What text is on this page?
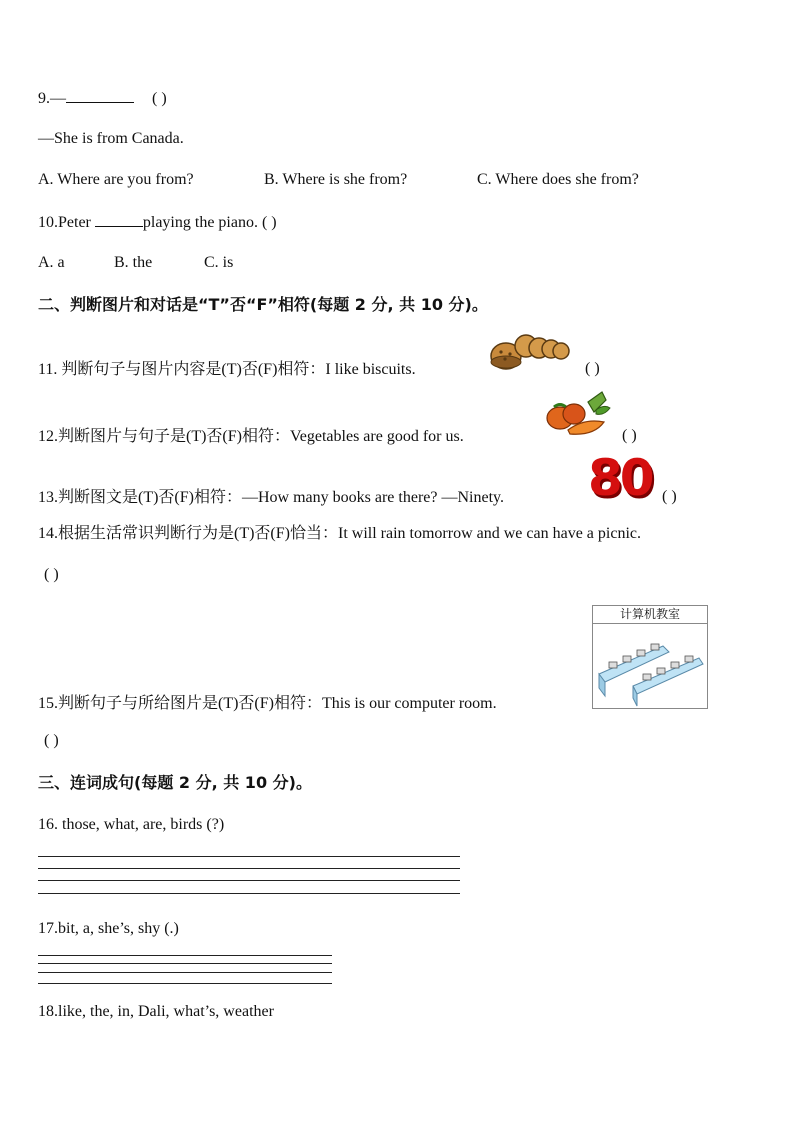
9.—	( )
—She is from Canada.
A. Where are you from?	B. Where is she from?	C. Where does she from?
10.Peter	playing the piano. ( )
A. a	B. the	C. is
二、判断图片和对话是“T”否“F”相符(每题 2 分, 共 10 分)。
11. 判断句子与图片内容是(T)否(F)相符：I like biscuits.	( )
12.判断图片与句子是(T)否(F)相符：Vegetables are good for us.	( )
13.判断图文是(T)否(F)相符：—How many books are there? —Ninety. 80 ( )
14.根据生活常识判断行为是(T)否(F)恰当：It will rain tomorrow and we can have a picnic.
( )
计算机教室
15.判断句子与所给图片是(T)否(F)相符：This is our computer room.
( )
三、连词成句(每题 2 分, 共 10 分)。
16. those, what, are, birds (?)
17.bit, a, she’s, shy (.)
18.like, the, in, Dali, what’s, weather
